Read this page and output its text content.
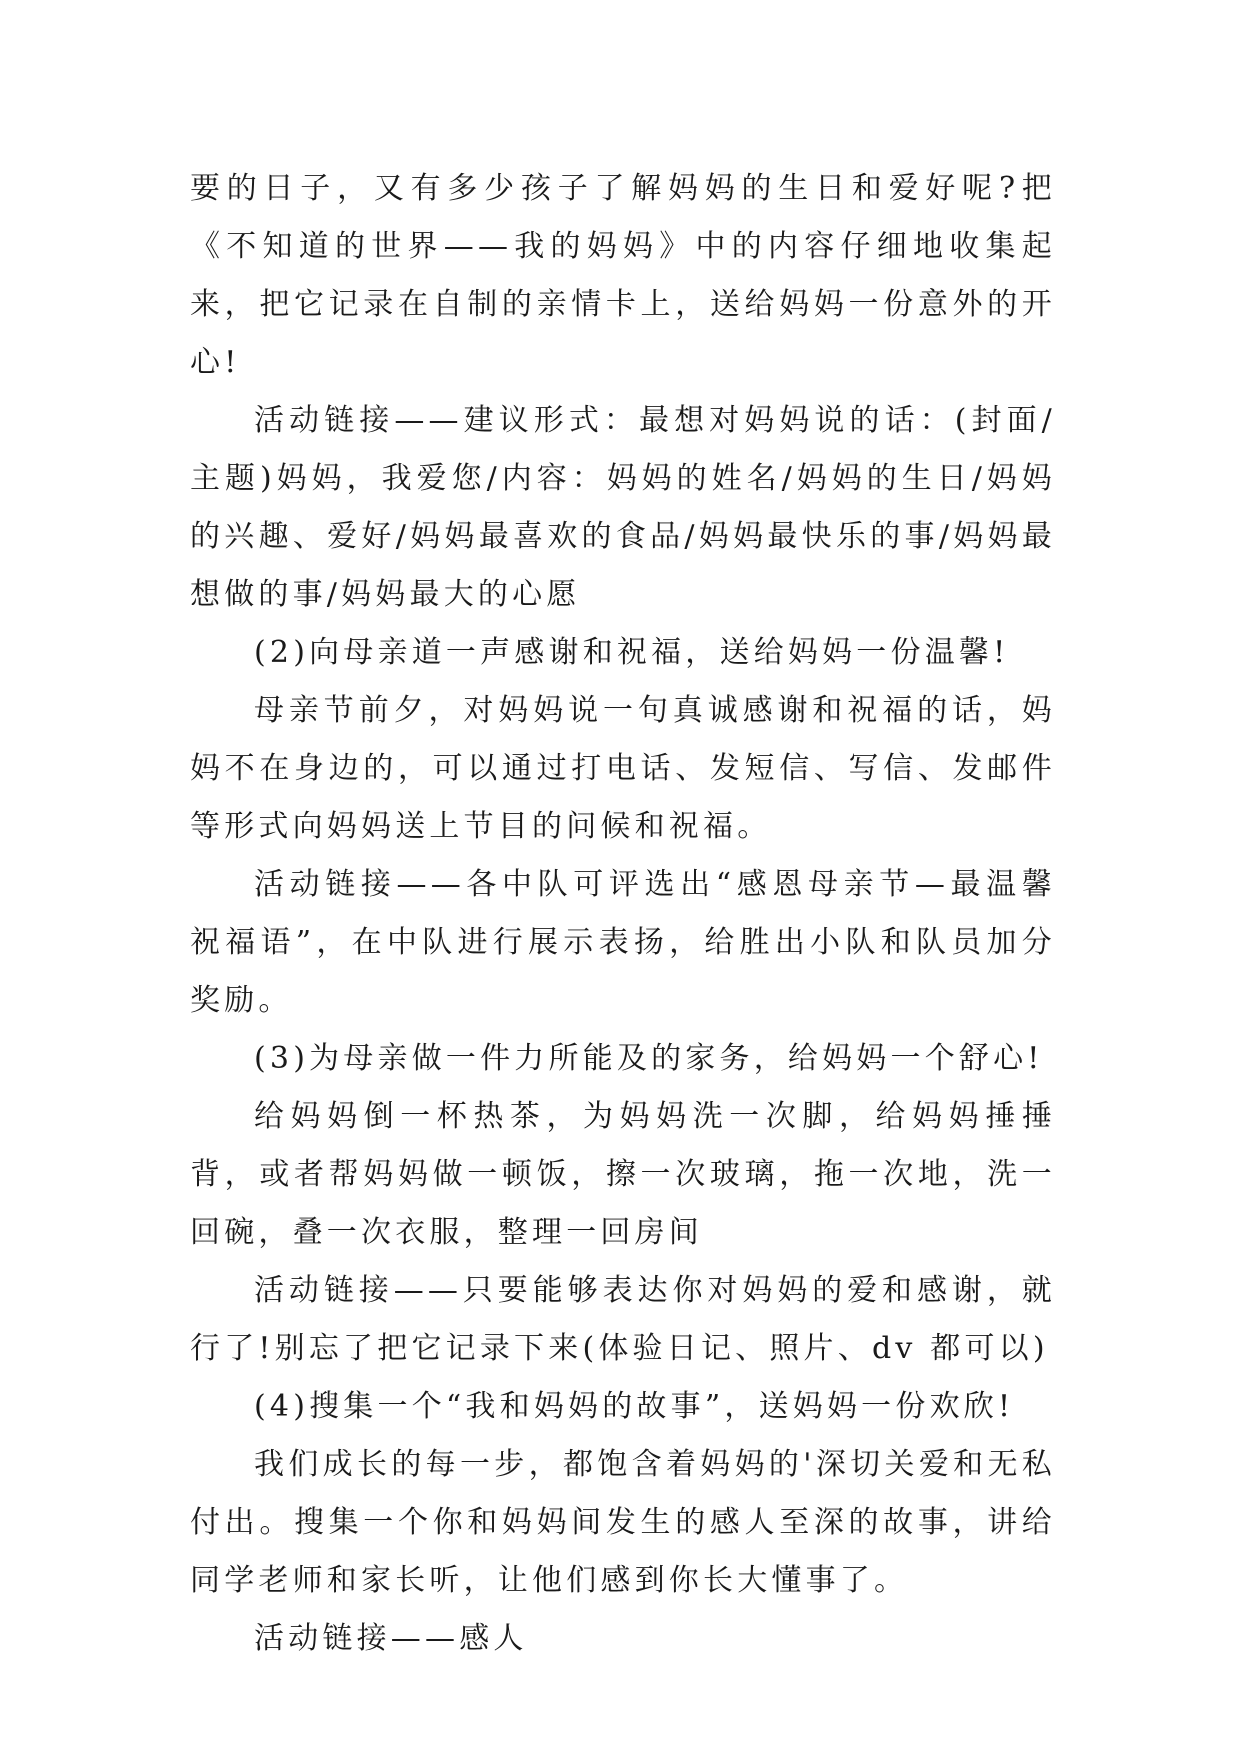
要的日子，又有多少孩子了解妈妈的生日和爱好呢?把《不知道的世界——我的妈妈》中的内容仔细地收集起来，把它记录在自制的亲情卡上，送给妈妈一份意外的开心!

活动链接——建议形式：最想对妈妈说的话：(封面/主题)妈妈，我爱您/内容：妈妈的姓名/妈妈的生日/妈妈的兴趣、爱好/妈妈最喜欢的食品/妈妈最快乐的事/妈妈最想做的事/妈妈最大的心愿

(2)向母亲道一声感谢和祝福，送给妈妈一份温馨!

母亲节前夕，对妈妈说一句真诚感谢和祝福的话，妈妈不在身边的，可以通过打电话、发短信、写信、发邮件等形式向妈妈送上节目的问候和祝福。

活动链接——各中队可评选出“感恩母亲节—最温馨祝福语”，在中队进行展示表扬，给胜出小队和队员加分奖励。

(3)为母亲做一件力所能及的家务，给妈妈一个舒心!

给妈妈倒一杯热茶，为妈妈洗一次脚，给妈妈捶捶背，或者帮妈妈做一顿饭，擦一次玻璃，拖一次地，洗一回碗，叠一次衣服，整理一回房间

活动链接——只要能够表达你对妈妈的爱和感谢，就行了!别忘了把它记录下来(体验日记、照片、dv 都可以)

(4)搜集一个“我和妈妈的故事”，送妈妈一份欢欣!

我们成长的每一步，都饱含着妈妈的'深切关爱和无私付出。搜集一个你和妈妈间发生的感人至深的故事，讲给同学老师和家长听，让他们感到你长大懂事了。

活动链接——感人
